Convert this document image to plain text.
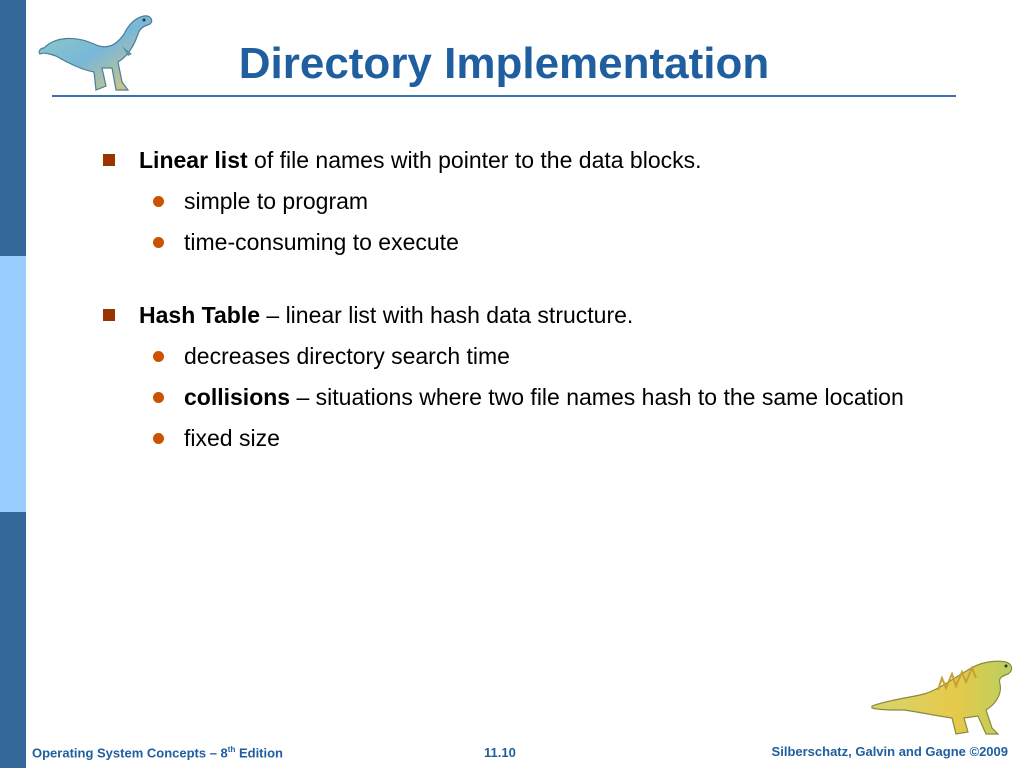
Directory Implementation
Linear list of file names with pointer to the data blocks.
simple to program
time-consuming to execute
Hash Table – linear list with hash data structure.
decreases directory search time
collisions – situations where two file names hash to the same location
fixed size
Operating System Concepts – 8th Edition	11.10	Silberschatz, Galvin and Gagne ©2009
